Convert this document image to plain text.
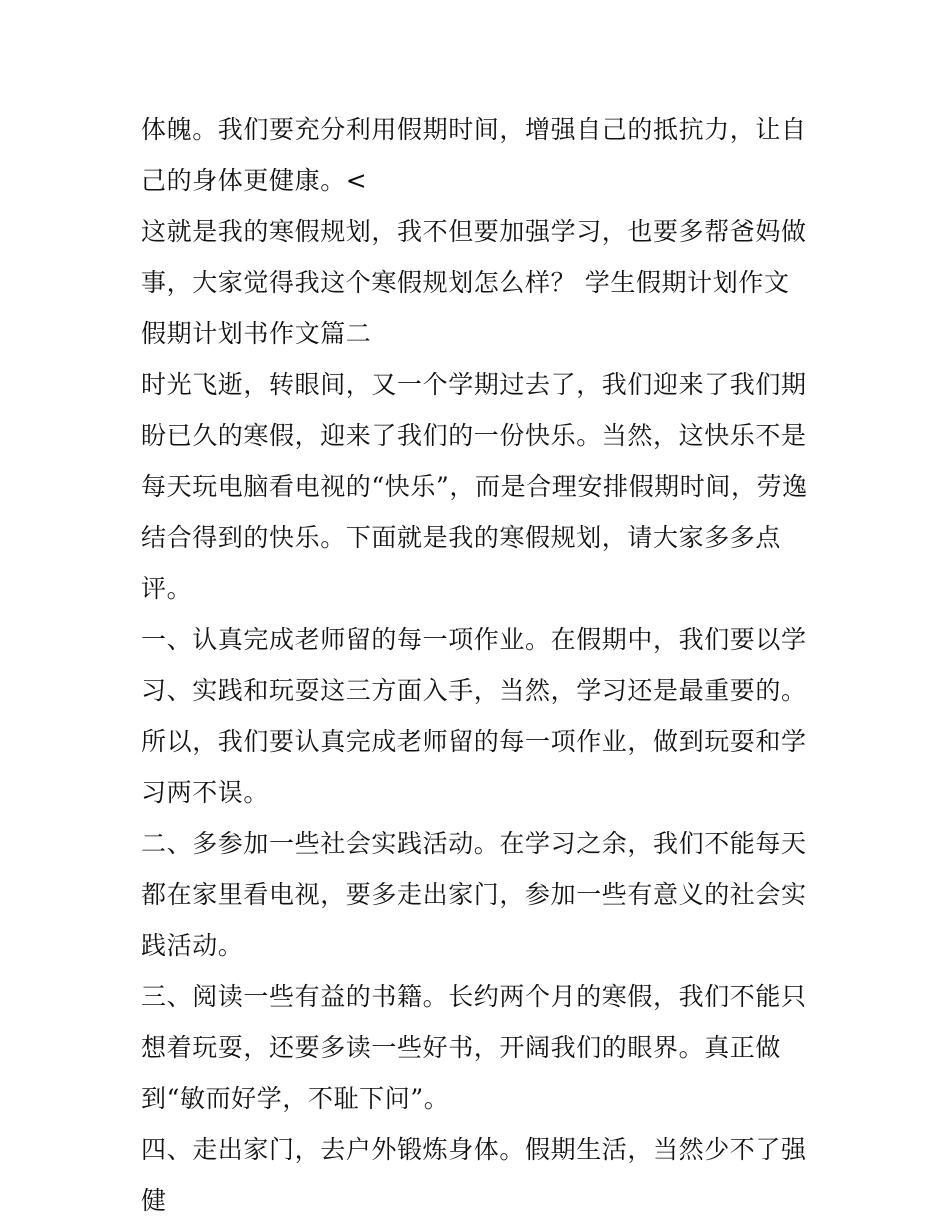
体魄。我们要充分利用假期时间，增强自己的抵抗力，让自己的身体更健康。<

这就是我的寒假规划，我不但要加强学习，也要多帮爸妈做事，大家觉得我这个寒假规划怎么样？ 学生假期计划作文 假期计划书作文篇二

时光飞逝，转眼间，又一个学期过去了，我们迎来了我们期盼已久的寒假，迎来了我们的一份快乐。当然，这快乐不是每天玩电脑看电视的“快乐”，而是合理安排假期时间，劳逸结合得到的快乐。下面就是我的寒假规划，请大家多多点评。

一、认真完成老师留的每一项作业。在假期中，我们要以学习、实践和玩耍这三方面入手，当然，学习还是最重要的。所以，我们要认真完成老师留的每一项作业，做到玩耍和学习两不误。

二、多参加一些社会实践活动。在学习之余，我们不能每天都在家里看电视，要多走出家门，参加一些有意义的社会实践活动。

三、阅读一些有益的书籍。长约两个月的寒假，我们不能只想着玩耍，还要多读一些好书，开阔我们的眼界。真正做到“敏而好学，不耻下问”。

四、走出家门，去户外锻炼身体。假期生活，当然少不了强健
